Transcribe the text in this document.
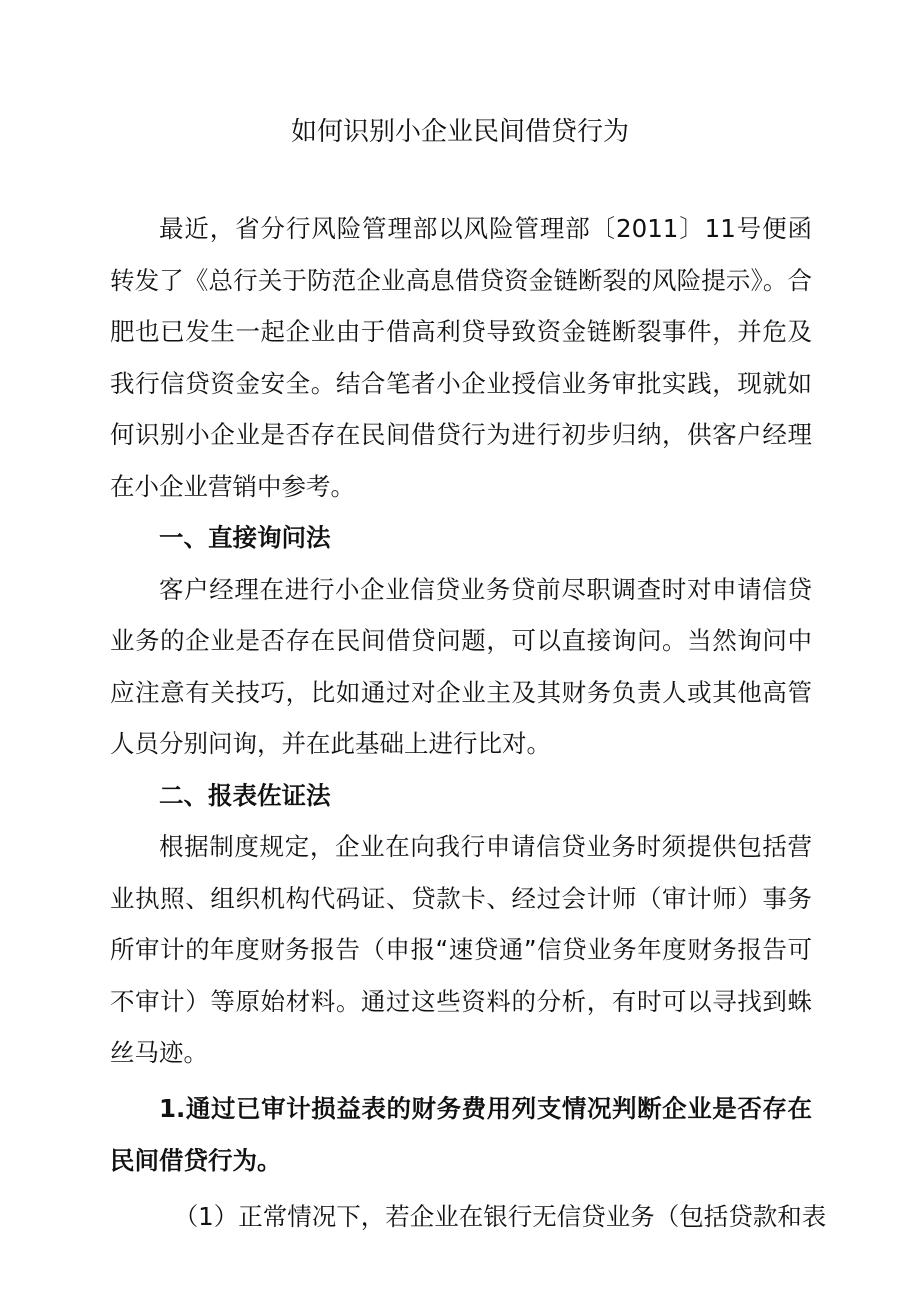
如何识别小企业民间借贷行为

最近，省分行风险管理部以风险管理部〔2011〕11号便函转发了《总行关于防范企业高息借贷资金链断裂的风险提示》。合肥也已发生一起企业由于借高利贷导致资金链断裂事件，并危及我行信贷资金安全。结合笔者小企业授信业务审批实践，现就如何识别小企业是否存在民间借贷行为进行初步归纳，供客户经理在小企业营销中参考。

一、直接询问法

客户经理在进行小企业信贷业务贷前尽职调查时对申请信贷业务的企业是否存在民间借贷问题，可以直接询问。当然询问中应注意有关技巧，比如通过对企业主及其财务负责人或其他高管人员分别问询，并在此基础上进行比对。

二、报表佐证法

根据制度规定，企业在向我行申请信贷业务时须提供包括营业执照、组织机构代码证、贷款卡、经过会计师（审计师）事务所审计的年度财务报告（申报“速贷通”信贷业务年度财务报告可不审计）等原始材料。通过这些资料的分析，有时可以寻找到蛛丝马迹。

1.通过已审计损益表的财务费用列支情况判断企业是否存在民间借贷行为。

（1）正常情况下，若企业在银行无信贷业务（包括贷款和表
